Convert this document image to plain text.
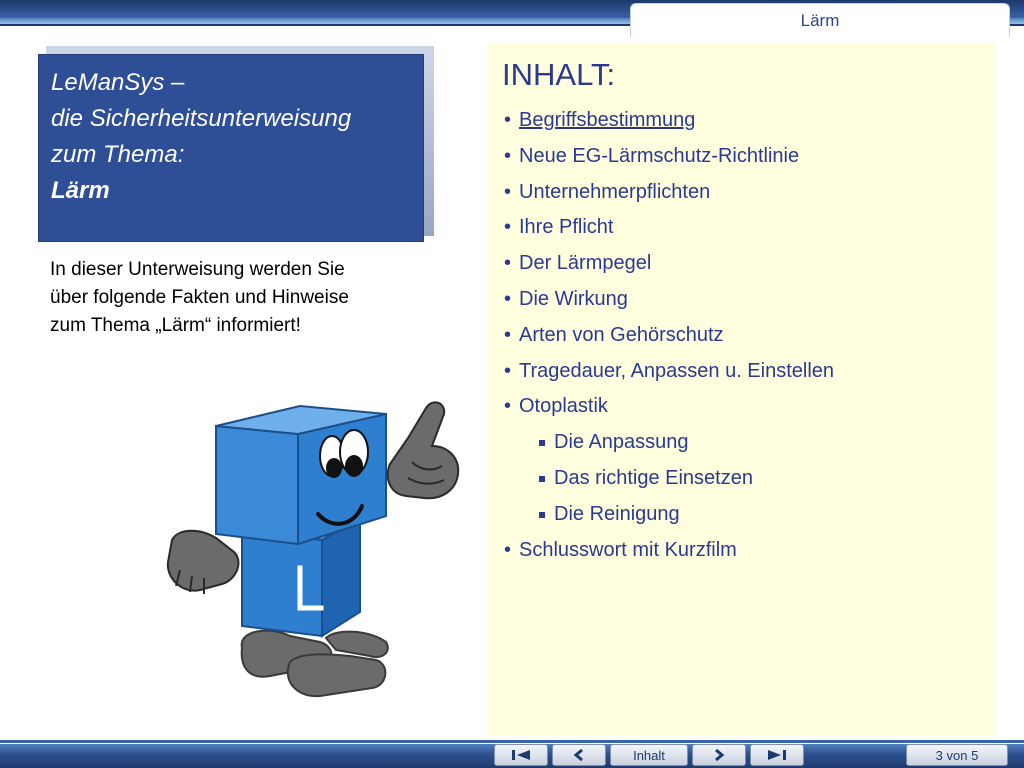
Lärm
LeManSys –
die Sicherheitsunterweisung
zum Thema:
Lärm
In dieser Unterweisung werden Sie
über folgende Fakten und Hinweise
zum Thema „Lärm“ informiert!
INHALT:
• Begriffsbestimmung
• Neue EG-Lärmschutz-Richtlinie
• Unternehmerpflichten
• Ihre Pflicht
• Der Lärmpegel
• Die Wirkung
• Arten von Gehörschutz
• Tragedauer, Anpassen u. Einstellen
• Otoplastik
Die Anpassung
Das richtige Einsetzen
Die Reinigung
• Schlusswort mit Kurzfilm
Inhalt	3 von 5
